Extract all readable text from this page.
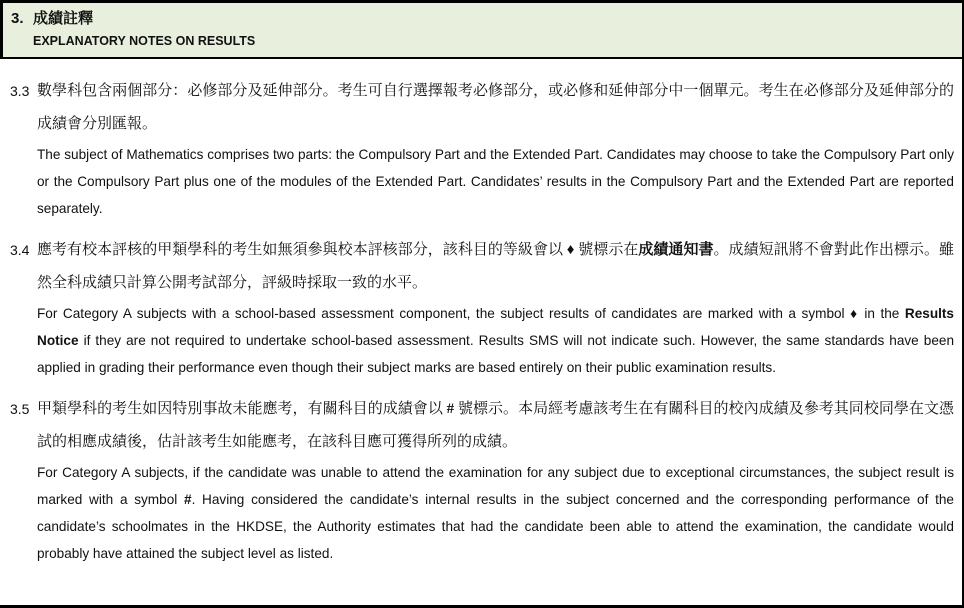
3. 成績註釋
EXPLANATORY NOTES ON RESULTS

3.3 數學科包含兩個部分：必修部分及延伸部分。考生可自行選擇報考必修部分，或必修和延伸部分中一個單元。考生在必修部分及延伸部分的成績會分別匯報。

The subject of Mathematics comprises two parts: the Compulsory Part and the Extended Part. Candidates may choose to take the Compulsory Part only or the Compulsory Part plus one of the modules of the Extended Part. Candidates’ results in the Compulsory Part and the Extended Part are reported separately.

3.4 應考有校本評核的甲類學科的考生如無須參與校本評核部分，該科目的等級會以 ♦ 號標示在成績通知書。成績短訊將不會對此作出標示。雖然全科成績只計算公開考試部分，評級時採取一致的水平。

For Category A subjects with a school-based assessment component, the subject results of candidates are marked with a symbol ♦ in the Results Notice if they are not required to undertake school-based assessment. Results SMS will not indicate such. However, the same standards have been applied in grading their performance even though their subject marks are based entirely on their public examination results.

3.5 甲類學科的考生如因特別事故未能應考，有關科目的成績會以 # 號標示。本局經考慮該考生在有關科目的校內成績及參考其同校同學在文憑試的相應成績後，估計該考生如能應考，在該科目應可獲得所列的成績。

For Category A subjects, if the candidate was unable to attend the examination for any subject due to exceptional circumstances, the subject result is marked with a symbol #. Having considered the candidate’s internal results in the subject concerned and the corresponding performance of the candidate’s schoolmates in the HKDSE, the Authority estimates that had the candidate been able to attend the examination, the candidate would probably have attained the subject level as listed.
